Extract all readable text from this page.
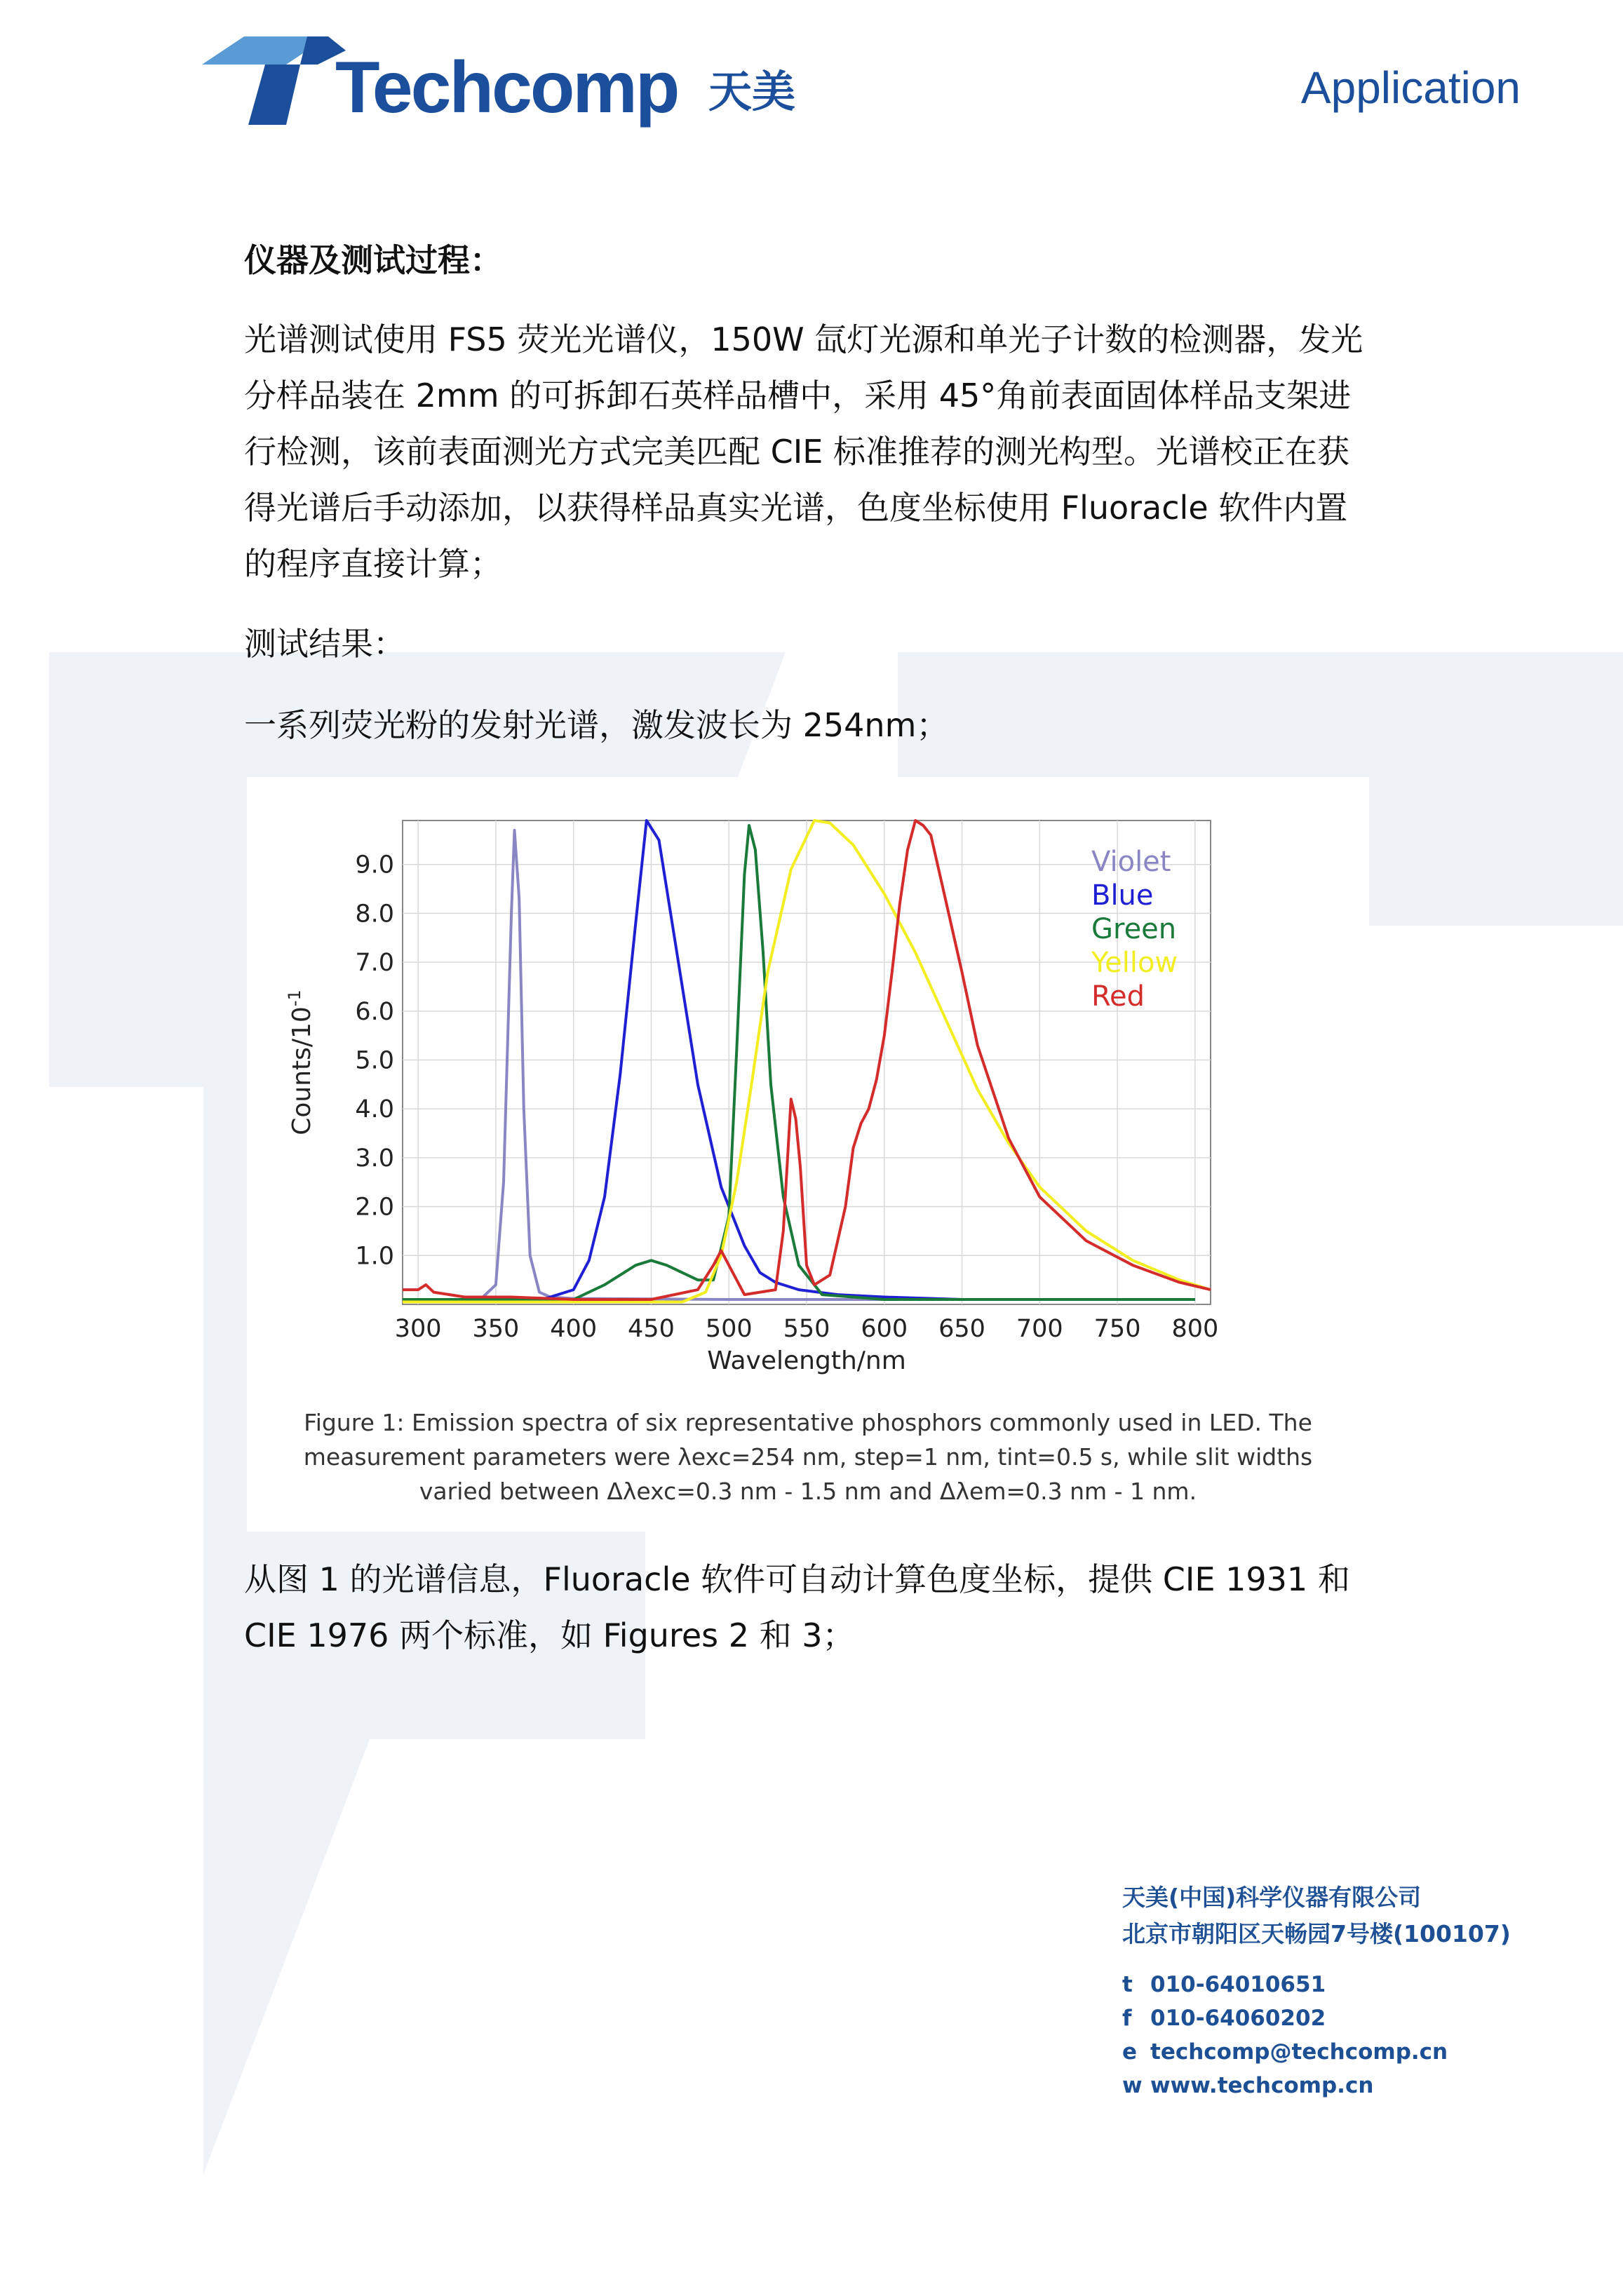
Techcomp 天美	Application
仪器及测试过程：
光谱测试使用 FS5 荧光光谱仪，150W 氙灯光源和单光子计数的检测器，发光
分样品装在 2mm 的可拆卸石英样品槽中，采用 45°角前表面固体样品支架进
行检测，该前表面测光方式完美匹配 CIE 标准推荐的测光构型。光谱校正在获
得光谱后手动添加，以获得样品真实光谱，色度坐标使用 Fluoracle 软件内置
的程序直接计算；
测试结果：
一系列荧光粉的发射光谱，激发波长为 254nm；
从图 1 的光谱信息，Fluoracle 软件可自动计算色度坐标，提供 CIE 1931 和
CIE 1976 两个标准，如 Figures 2 和 3；
300 350 400 450 500 550 600 650 700 750 800
1.0
2.0
3.0
4.0
5.0
6.0
7.0
8.0
9.0
Wavelength/nm
Counts/$10^{-1}$
Violet
Blue
Green
Yellow
Red
Figure 1: Emission spectra of six representative phosphors commonly used in LED. The
measurement parameters were λexc=254 nm, step=1 nm, tint=0.5 s, while slit widths
varied between Δλexc=0.3 nm - 1.5 nm and Δλem=0.3 nm - 1 nm.
天美(中国)科学仪器有限公司
北京市朝阳区天畅园7号楼(100107)
t 010-64010651
f 010-64060202
e techcomp@techcomp.cn
w www.techcomp.cn
